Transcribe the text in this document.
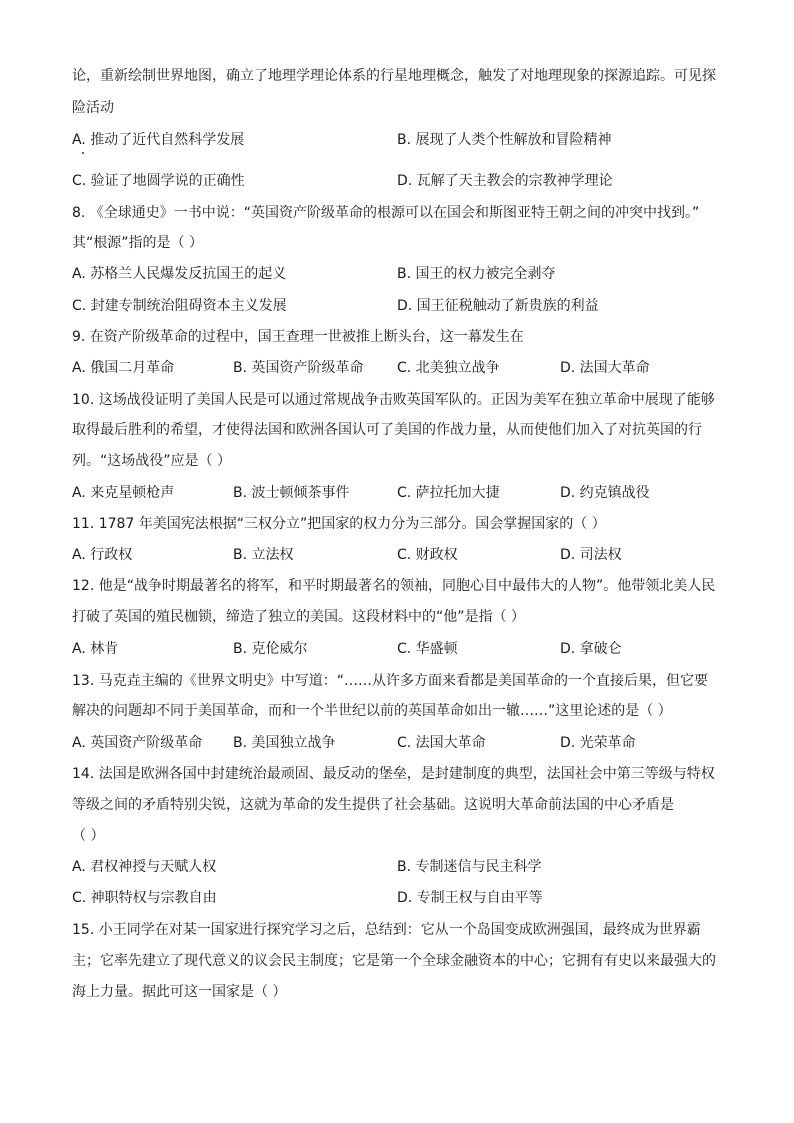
论，重新绘制世界地图，确立了地理学理论体系的行星地理概念，触发了对地理现象的探源追踪。可见探
险活动
A. 推动了近代自然科学发展	B. 展现了人类个性解放和冒险精神
C. 验证了地圆学说的正确性	D. 瓦解了天主教会的宗教神学理论
8. 《全球通史》一书中说：“英国资产阶级革命的根源可以在国会和斯图亚特王朝之间的冲突中找到。”
其“根源”指的是（ ）
A. 苏格兰人民爆发反抗国王的起义	B. 国王的权力被完全剥夺
C. 封建专制统治阻碍资本主义发展	D. 国王征税触动了新贵族的利益
9. 在资产阶级革命的过程中，国王查理一世被推上断头台，这一幕发生在
A. 俄国二月革命	B. 英国资产阶级革命 C. 北美独立战争	D. 法国大革命
10. 这场战役证明了美国人民是可以通过常规战争击败英国军队的。正因为美军在独立革命中展现了能够
取得最后胜利的希望，才使得法国和欧洲各国认可了美国的作战力量，从而使他们加入了对抗英国的行
列。“这场战役”应是（ ）
A. 来克星顿枪声	B. 波士顿倾茶事件	C. 萨拉托加大捷	D. 约克镇战役
11. 1787 年美国宪法根据“三权分立”把国家的权力分为三部分。国会掌握国家的（ ）
A. 行政权	B. 立法权	C. 财政权	D. 司法权
12. 他是“战争时期最著名的将军，和平时期最著名的领袖，同胞心目中最伟大的人物”。他带领北美人民
打破了英国的殖民枷锁，缔造了独立的美国。这段材料中的“他”是指（ ）
A. 林肯	B. 克伦威尔	C. 华盛顿	D. 拿破仑
13. 马克垚主编的《世界文明史》中写道：“……从许多方面来看都是美国革命的一个直接后果，但它要
解决的问题却不同于美国革命，而和一个半世纪以前的英国革命如出一辙……”这里论述的是（ ）
A. 英国资产阶级革命 B. 美国独立战争	C. 法国大革命	D. 光荣革命
14. 法国是欧洲各国中封建统治最顽固、最反动的堡垒，是封建制度的典型，法国社会中第三等级与特权
等级之间的矛盾特别尖锐，这就为革命的发生提供了社会基础。这说明大革命前法国的中心矛盾是
（ ）
A. 君权神授与天赋人权	B. 专制迷信与民主科学
C. 神职特权与宗教自由	D. 专制王权与自由平等
15. 小王同学在对某一国家进行探究学习之后，总结到：它从一个岛国变成欧洲强国，最终成为世界霸
主；它率先建立了现代意义的议会民主制度；它是第一个全球金融资本的中心；它拥有有史以来最强大的
海上力量。据此可这一国家是（ ）
